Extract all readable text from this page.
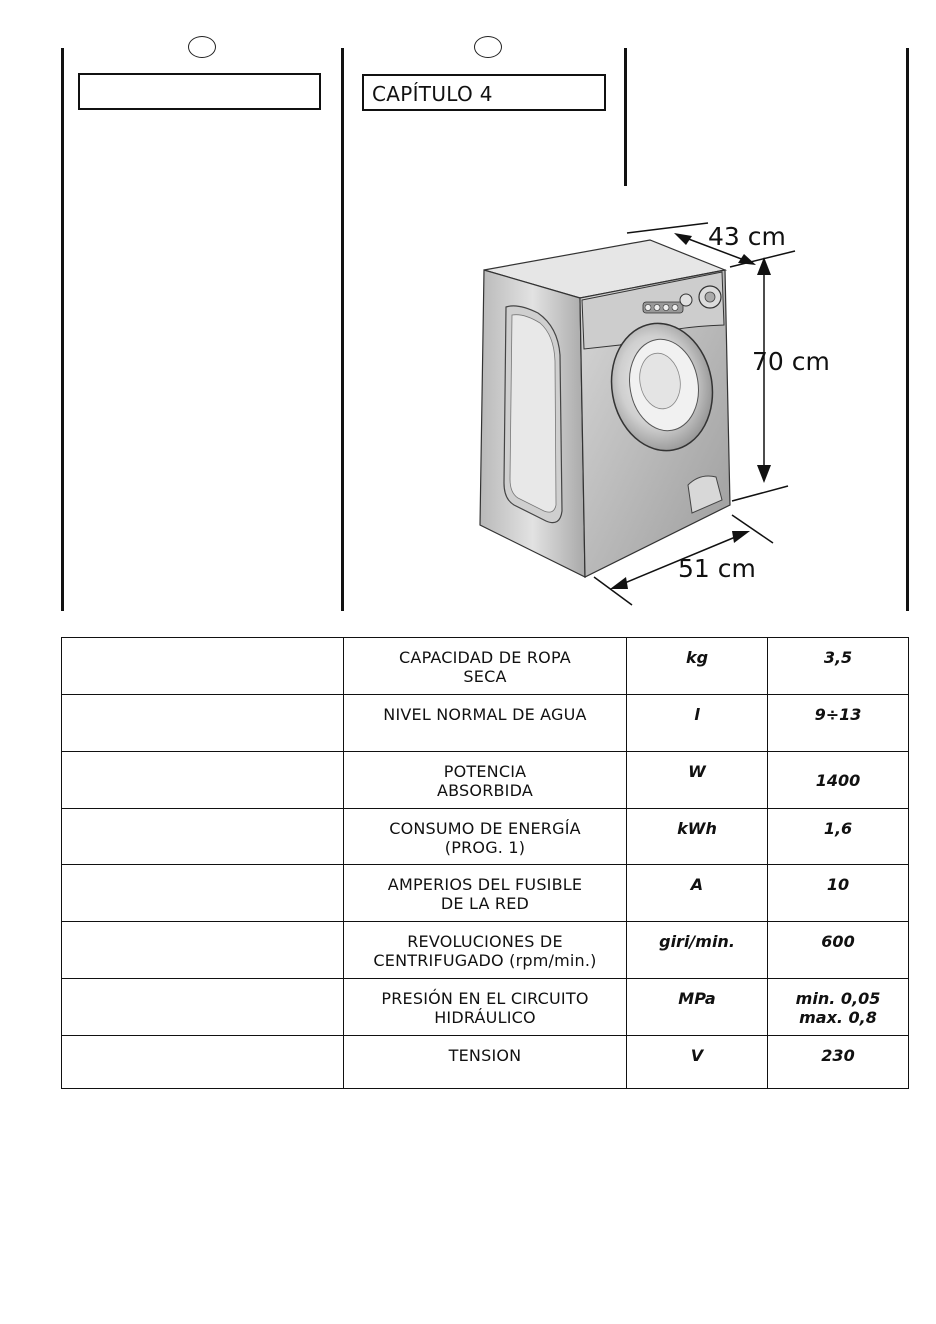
CAPÍTULO 4
43 cm
70 cm
51 cm

	CAPACIDAD DE ROPA
SECA	kg	3,5

	NIVEL NORMAL DE AGUA	l	9÷13

	POTENCIA
ABSORBIDA	W	1400

	CONSUMO DE ENERGÍA
(PROG. 1)	kWh	1,6

	AMPERIOS DEL FUSIBLE
DE LA RED	A	10

	REVOLUCIONES DE
CENTRIFUGADO (rpm/min.)	giri/min.	600

	PRESIÓN EN EL CIRCUITO
HIDRÁULICO	MPa	min. 0,05
max. 0,8

	TENSION	V	230
